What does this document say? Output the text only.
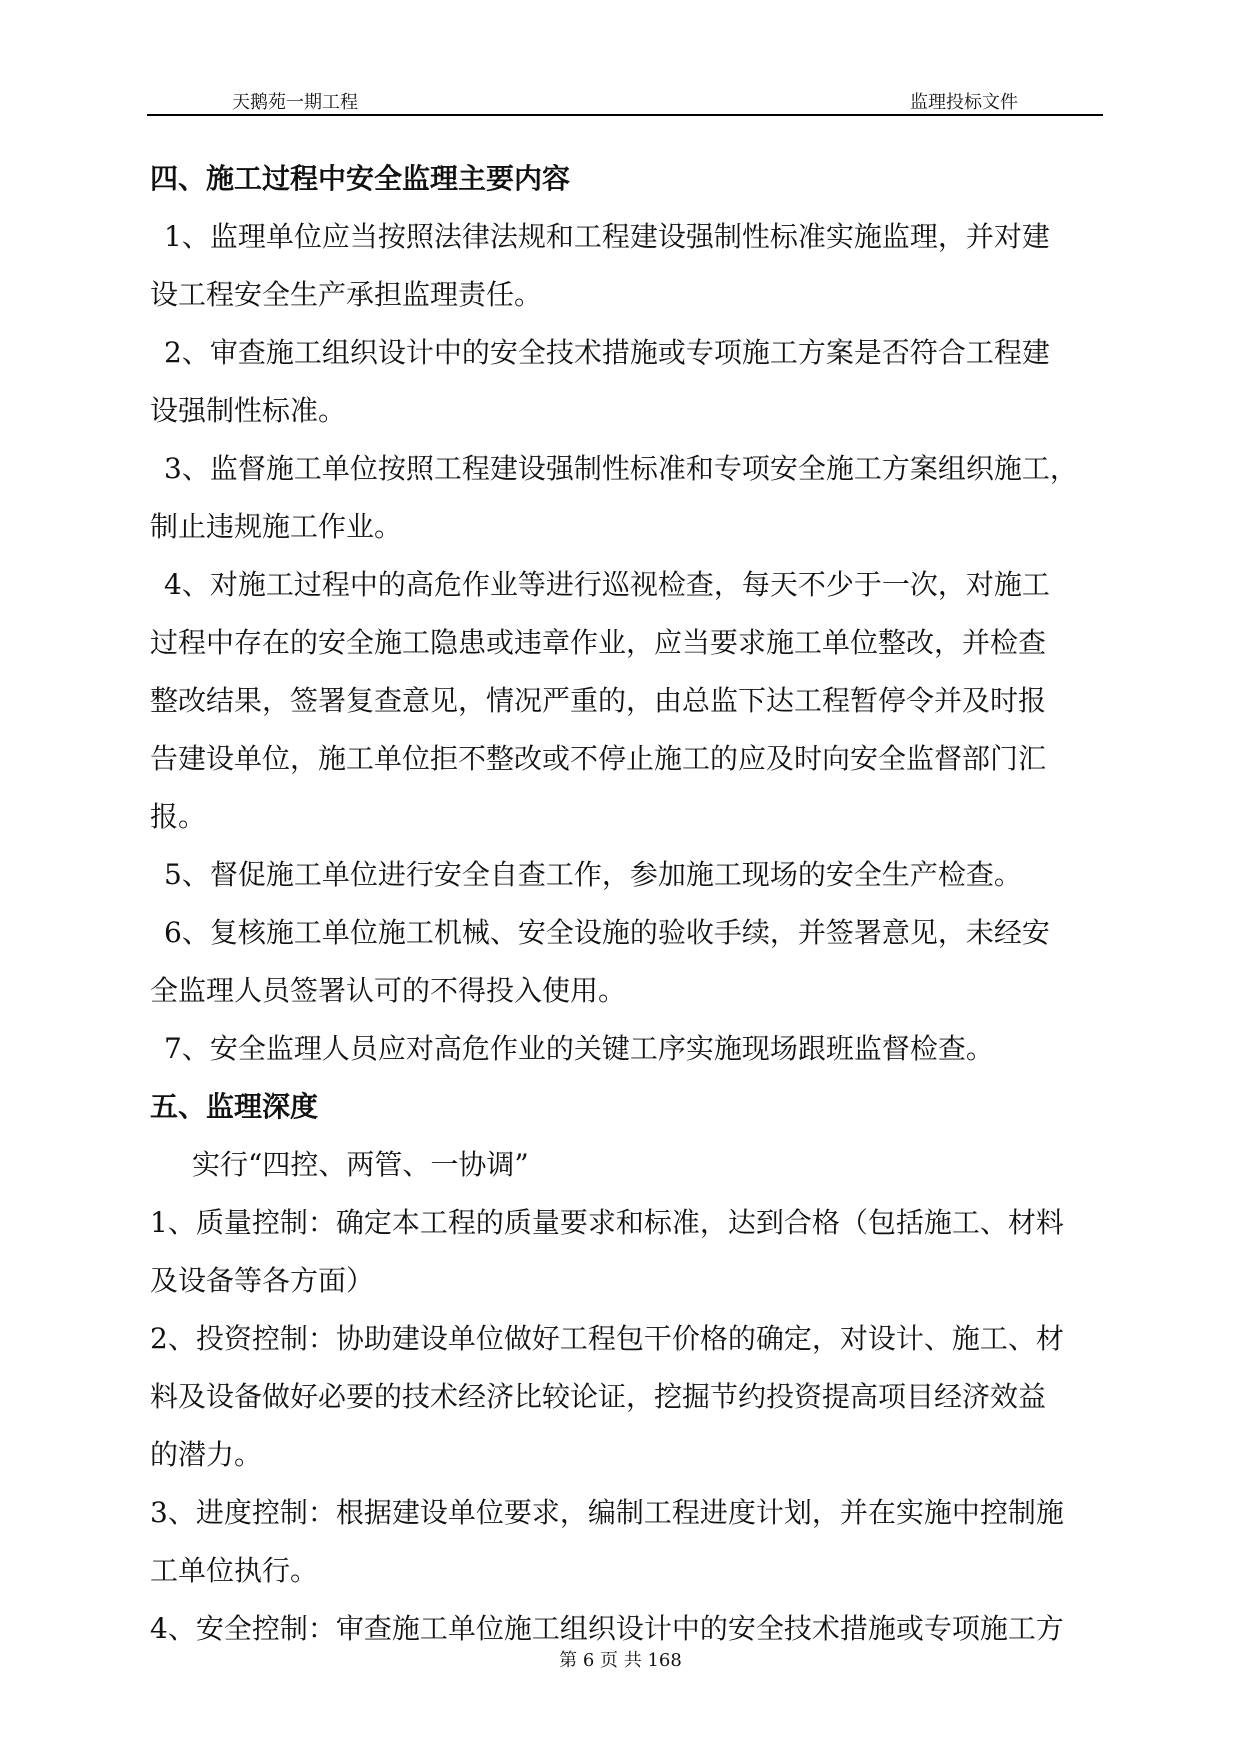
天鹅苑一期工程	监理投标文件
四、施工过程中安全监理主要内容
1、监理单位应当按照法律法规和工程建设强制性标准实施监理，并对建
设工程安全生产承担监理责任。
2、审查施工组织设计中的安全技术措施或专项施工方案是否符合工程建
设强制性标准。
3、监督施工单位按照工程建设强制性标准和专项安全施工方案组织施工，
制止违规施工作业。
4、对施工过程中的高危作业等进行巡视检查，每天不少于一次，对施工
过程中存在的安全施工隐患或违章作业，应当要求施工单位整改，并检查
整改结果，签署复查意见，情况严重的，由总监下达工程暂停令并及时报
告建设单位，施工单位拒不整改或不停止施工的应及时向安全监督部门汇
报。
5、督促施工单位进行安全自查工作，参加施工现场的安全生产检查。
6、复核施工单位施工机械、安全设施的验收手续，并签署意见，未经安
全监理人员签署认可的不得投入使用。
7、安全监理人员应对高危作业的关键工序实施现场跟班监督检查。
五、监理深度
实行“四控、两管、一协调”
1、质量控制：确定本工程的质量要求和标准，达到合格（包括施工、材料
及设备等各方面）
2、投资控制：协助建设单位做好工程包干价格的确定，对设计、施工、材
料及设备做好必要的技术经济比较论证，挖掘节约投资提高项目经济效益
的潜力。
3、进度控制：根据建设单位要求，编制工程进度计划，并在实施中控制施
工单位执行。
4、安全控制：审查施工单位施工组织设计中的安全技术措施或专项施工方
第 6 页 共 168
